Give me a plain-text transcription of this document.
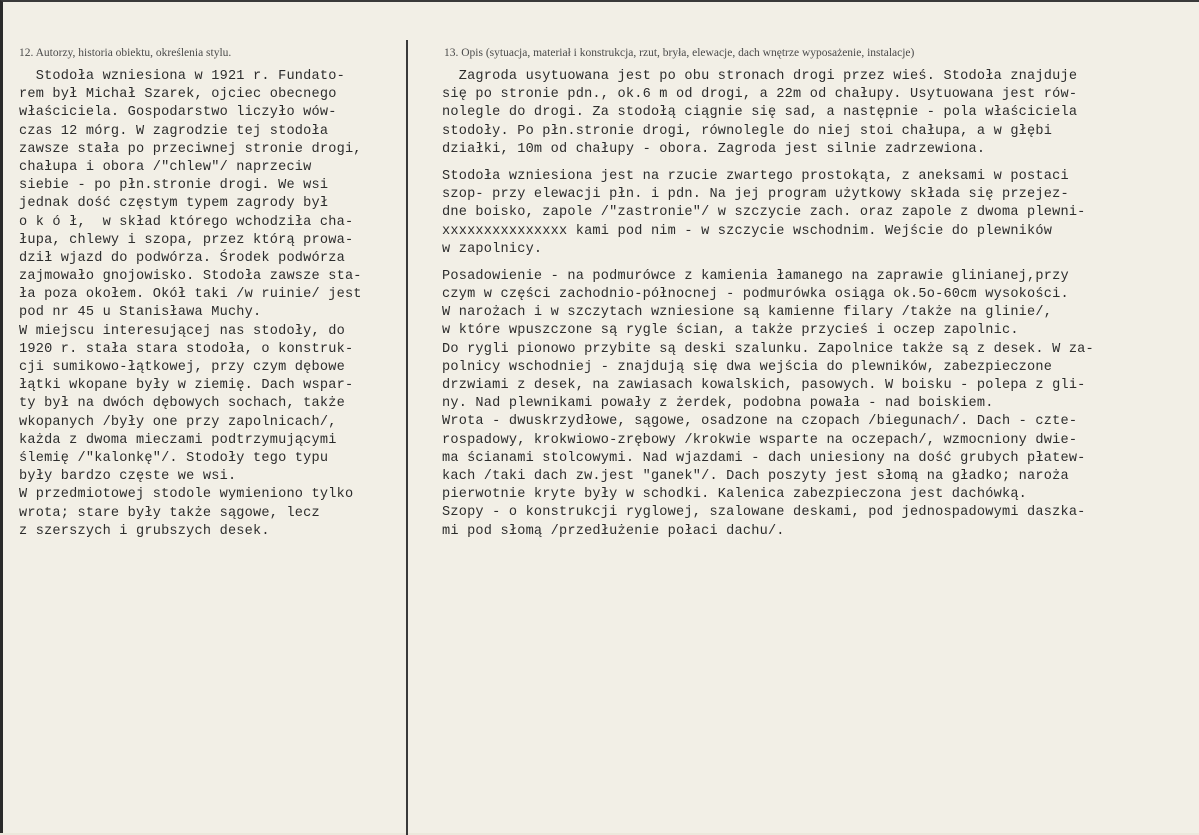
12. Autorzy, historia obiektu, określenia stylu.	13. Opis (sytuacja, materiał i konstrukcja, rzut, bryła, elewacje, dach wnętrze wyposażenie, instalacje)
Stodoła wzniesiona w 1921 r. Fundato-
rem był Michał Szarek, ojciec obecnego
właściciela. Gospodarstwo liczyło wów-
czas 12 mórg. W zagrodzie tej stodoła
zawsze stała po przeciwnej stronie drogi,
chałupa i obora /"chlew"/ naprzeciw
siebie - po płn.stronie drogi. We wsi
jednak dość częstym typem zagrody był
o k ó ł,  w skład którego wchodziła cha-
łupa, chlewy i szopa, przez którą prowa-
dził wjazd do podwórza. Środek podwórza
zajmowało gnojowisko. Stodoła zawsze sta-
ła poza okołem. Okół taki /w ruinie/ jest
pod nr 45 u Stanisława Muchy.
W miejscu interesującej nas stodoły, do
1920 r. stała stara stodoła, o konstruk-
cji sumikowo-łątkowej, przy czym dębowe
łątki wkopane były w ziemię. Dach wspar-
ty był na dwóch dębowych sochach, także
wkopanych /były one przy zapolnicach/,
każda z dwoma mieczami podtrzymującymi
ślemię /"kalonkę"/. Stodoły tego typu
były bardzo częste we wsi.
W przedmiotowej stodole wymieniono tylko
wrota; stare były także sągowe, lecz
z szerszych i grubszych desek.
Zagroda usytuowana jest po obu stronach drogi przez wieś. Stodoła znajduje
się po stronie pdn., ok.6 m od drogi, a 22m od chałupy. Usytuowana jest rów-
nolegle do drogi. Za stodołą ciągnie się sad, a następnie - pola właściciela
stodoły. Po płn.stronie drogi, równolegle do niej stoi chałupa, a w głębi
działki, 10m od chałupy - obora. Zagroda jest silnie zadrzewiona.
Stodoła wzniesiona jest na rzucie zwartego prostokąta, z aneksami w postaci
szop- przy elewacji płn. i pdn. Na jej program użytkowy składa się przejez-
dne boisko, zapole /"zastronie"/ w szczycie zach. oraz zapole z dwoma plewni-
xxxxxxxxxxxxxxx kami pod nim - w szczycie wschodnim. Wejście do plewników
w zapolnicy.
Posadowienie - na podmurówce z kamienia łamanego na zaprawie glinianej,przy
czym w części zachodnio-północnej - podmurówka osiąga ok.5o-60cm wysokości.
W narożach i w szczytach wzniesione są kamienne filary /także na glinie/,
w które wpuszczone są rygle ścian, a także przycieś i oczep zapolnic.
Do rygli pionowo przybite są deski szalunku. Zapolnice także są z desek. W za-
polnicy wschodniej - znajdują się dwa wejścia do plewników, zabezpieczone
drzwiami z desek, na zawiasach kowalskich, pasowych. W boisku - polepa z gli-
ny. Nad plewnikami powały z żerdek, podobna powała - nad boiskiem.
Wrota - dwuskrzydłowe, sągowe, osadzone na czopach /biegunach/. Dach - czte-
rospadowy, krokwiowo-zrębowy /krokwie wsparte na oczepach/, wzmocniony dwie-
ma ścianami stolcowymi. Nad wjazdami - dach uniesiony na dość grubych płatew-
kach /taki dach zw.jest "ganek"/. Dach poszyty jest słomą na gładko; naroża
pierwotnie kryte były w schodki. Kalenica zabezpieczona jest dachówką.
Szopy - o konstrukcji ryglowej, szalowane deskami, pod jednospadowymi daszka-
mi pod słomą /przedłużenie połaci dachu/.
